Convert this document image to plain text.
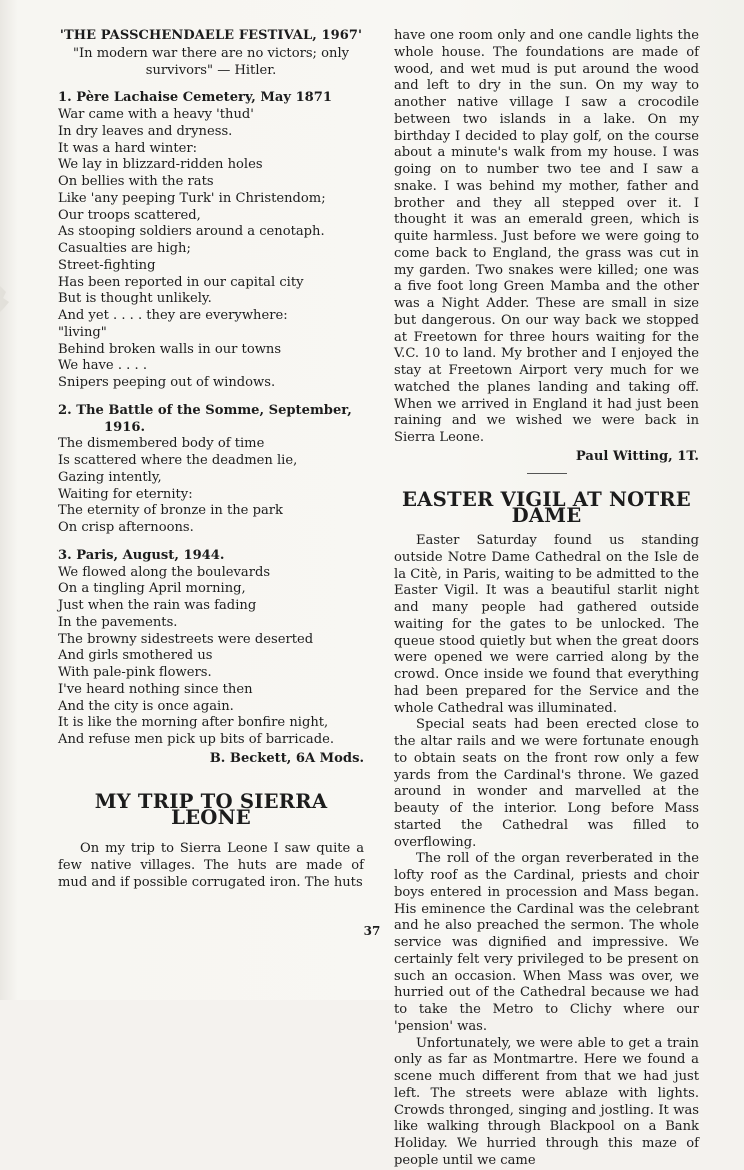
'THE PASSCHENDAELE FESTIVAL, 1967'
"In modern war there are no victors; only survivors" — Hitler.
1. Père Lachaise Cemetery, May 1871
War came with a heavy 'thud'
In dry leaves and dryness.
It was a hard winter:
We lay in blizzard-ridden holes
On bellies with the rats
Like 'any peeping Turk' in Christendom;
Our troops scattered,
As stooping soldiers around a cenotaph.
Casualties are high;
Street-fighting
Has been reported in our capital city
But is thought unlikely.
And yet . . . . they are everywhere:
"living"
Behind broken walls in our towns
We have . . . .
Snipers peeping out of windows.
2. The Battle of the Somme, September,
1916.
The dismembered body of time
Is scattered where the deadmen lie,
Gazing intently,
Waiting for eternity:
The eternity of bronze in the park
On crisp afternoons.
3. Paris, August, 1944.
We flowed along the boulevards
On a tingling April morning,
Just when the rain was fading
In the pavements.
The browny sidestreets were deserted
And girls smothered us
With pale-pink flowers.
I've heard nothing since then
And the city is once again.
It is like the morning after bonfire night,
And refuse men pick up bits of barricade.
B. Beckett, 6A Mods.
MY TRIP TO SIERRA LEONE

On my trip to Sierra Leone I saw quite a few native villages. The huts are made of mud and if possible corrugated iron. The huts

have one room only and one candle lights the whole house. The foundations are made of wood, and wet mud is put around the wood and left to dry in the sun. On my way to another native village I saw a crocodile between two islands in a lake. On my birthday I decided to play golf, on the course about a minute's walk from my house. I was going on to number two tee and I saw a snake. I was behind my mother, father and brother and they all stepped over it. I thought it was an emerald green, which is quite harmless. Just before we were going to come back to England, the grass was cut in my garden. Two snakes were killed; one was a five foot long Green Mamba and the other was a Night Adder. These are small in size but dangerous. On our way back we stopped at Freetown for three hours waiting for the V.C. 10 to land. My brother and I enjoyed the stay at Freetown Airport very much for we watched the planes landing and taking off. When we arrived in England it had just been raining and we wished we were back in Sierra Leone.

Paul Witting, 1T.
EASTER VIGIL AT NOTRE DAME

Easter Saturday found us standing outside Notre Dame Cathedral on the Isle de la Citè, in Paris, waiting to be admitted to the Easter Vigil. It was a beautiful starlit night and many people had gathered outside waiting for the gates to be unlocked. The queue stood quietly but when the great doors were opened we were carried along by the crowd. Once inside we found that everything had been prepared for the Service and the whole Cathedral was illuminated.

Special seats had been erected close to the altar rails and we were fortunate enough to obtain seats on the front row only a few yards from the Cardinal's throne. We gazed around in wonder and marvelled at the beauty of the interior. Long before Mass started the Cathedral was filled to overflowing.

The roll of the organ reverberated in the lofty roof as the Cardinal, priests and choir boys entered in procession and Mass began. His eminence the Cardinal was the celebrant and he also preached the sermon. The whole service was dignified and impressive. We certainly felt very privileged to be present on such an occasion. When Mass was over, we hurried out of the Cathedral because we had to take the Metro to Clichy where our 'pension' was.

Unfortunately, we were able to get a train only as far as Montmartre. Here we found a scene much different from that we had just left. The streets were ablaze with lights. Crowds thronged, singing and jostling. It was like walking through Blackpool on a Bank Holiday. We hurried through this maze of people until we came

37
